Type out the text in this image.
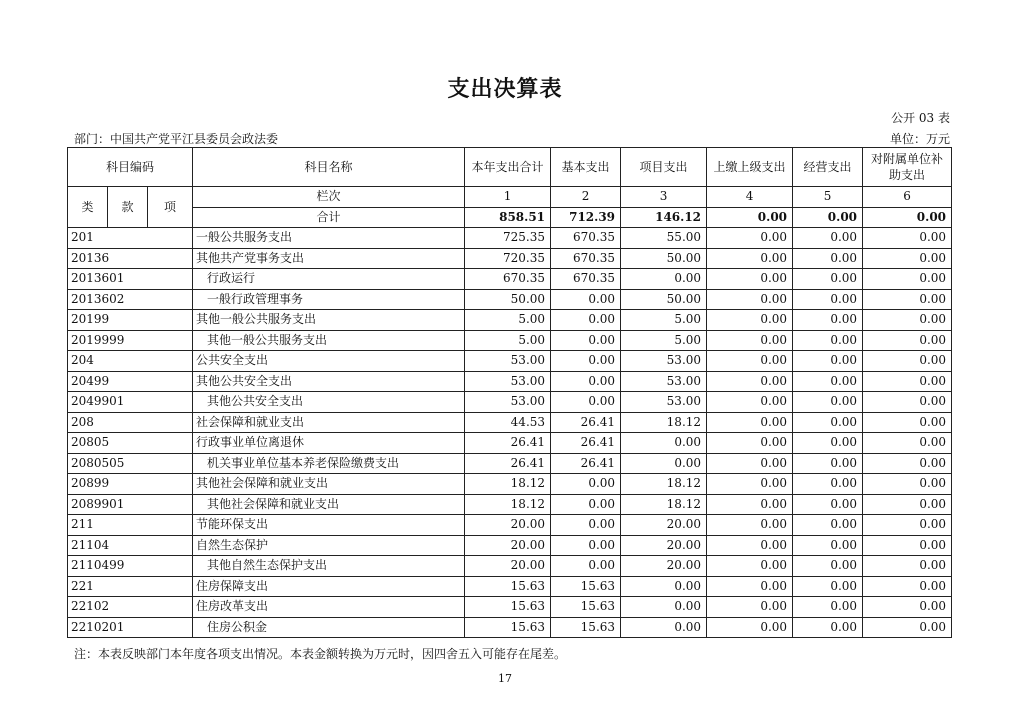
支出决算表
公开 03 表
部门：中国共产党平江县委员会政法委	单位：万元
科目编码			科目名称	本年支出合计	基本支出	项目支出	上缴上级支出	经营支出	对附属单位补助支出
类	款	项	栏次	1	2	3	4	5	6
			合计	858.51	712.39	146.12	0.00	0.00	0.00
201			一般公共服务支出	725.35	670.35	55.00	0.00	0.00	0.00
20136			其他共产党事务支出	720.35	670.35	50.00	0.00	0.00	0.00
2013601			行政运行	670.35	670.35	0.00	0.00	0.00	0.00
2013602			一般行政管理事务	50.00	0.00	50.00	0.00	0.00	0.00
20199			其他一般公共服务支出	5.00	0.00	5.00	0.00	0.00	0.00
2019999			其他一般公共服务支出	5.00	0.00	5.00	0.00	0.00	0.00
204			公共安全支出	53.00	0.00	53.00	0.00	0.00	0.00
20499			其他公共安全支出	53.00	0.00	53.00	0.00	0.00	0.00
2049901			其他公共安全支出	53.00	0.00	53.00	0.00	0.00	0.00
208			社会保障和就业支出	44.53	26.41	18.12	0.00	0.00	0.00
20805			行政事业单位离退休	26.41	26.41	0.00	0.00	0.00	0.00
2080505			机关事业单位基本养老保险缴费支出	26.41	26.41	0.00	0.00	0.00	0.00
20899			其他社会保障和就业支出	18.12	0.00	18.12	0.00	0.00	0.00
2089901			其他社会保障和就业支出	18.12	0.00	18.12	0.00	0.00	0.00
211			节能环保支出	20.00	0.00	20.00	0.00	0.00	0.00
21104			自然生态保护	20.00	0.00	20.00	0.00	0.00	0.00
2110499			其他自然生态保护支出	20.00	0.00	20.00	0.00	0.00	0.00
221			住房保障支出	15.63	15.63	0.00	0.00	0.00	0.00
22102			住房改革支出	15.63	15.63	0.00	0.00	0.00	0.00
2210201			住房公积金	15.63	15.63	0.00	0.00	0.00	0.00
注：本表反映部门本年度各项支出情况。本表金额转换为万元时，因四舍五入可能存在尾差。
17
